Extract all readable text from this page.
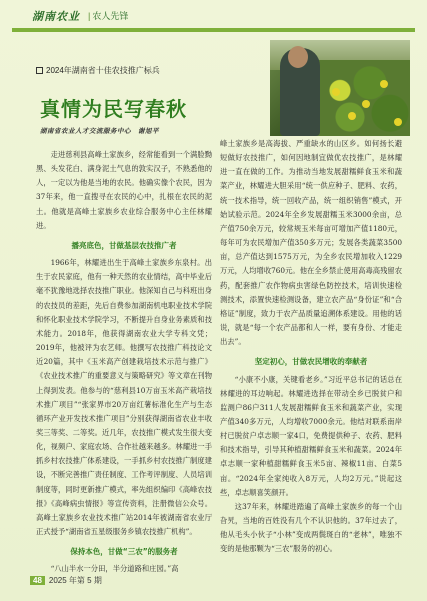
湖南农业 | 农人先锋
2024年湖南省十佳农技推广标兵
真情为民写春秋
湖南省农业人才交流服务中心　谢旭平

走进慈利县高峰土家族乡，经常能看到一个满脸黝黑、头发花白、满身泥土气息的敦实汉子，不熟悉他的人，一定以为他是当地的农民。他确实像个农民，因为37年来，他一直搜寻在农民的心中，扎根在农民的泥土。他就是高峰土家族乡农业综合服务中心主任林耀进。

播亮底色，甘做基层农技推广者

1966年，林耀进出生于高峰土家族乡东泉村。出生于农民家庭，他有一种天然的农业情结，高中毕业后毫不犹豫地选择农技推广职业。他深知自己与科班出身的农技员的差距，先后自费参加湖南机电职业技术学院和怀化职业技术学院学习，不断提升自身业务素质和技术能力。2018年，他获得湖南农业大学专科文凭；2019年，他被评为农艺师。他撰写农技推广科技论文近20篇，其中《玉米高产创建栽培技术示范与推广》《农业技术推广的重要意义与策略研究》等文章在刊物上得到发表。他参与的“慈利县10万亩玉米高产栽培技术推广项目”“张家界市20万亩红薯标准化生产与生态循环产业开发技术推广项目”分别获得湖南省农业丰收奖三等奖、二等奖。近几年，农技推广模式发生很大变化，视频户、家庭农场、合作社越来越多。林耀进一手抓乡村农技推广体系建设，一手抓乡村农技推广制度建设，不断完善推广责任制度、工作考评制度、人员培训制度等，同时更新推广模式，率先组织编印《高峰农技报》《高峰病虫情报》等宣传资料，注册微信公众号。高峰土家族乡农业技术推广站2014年被湖南省农业厅正式授予“湖南省五星级服务乡镇农技推广机构”。

保持本色，甘做“三农”的服务者

“八山半水一分田，半分道路和庄园。”高

峰土家族乡是高海拔、严重缺水的山区乡。如何扬长避短做好农技推广，如何因地制宜做优农技推广，是林耀进一直在做的工作。为推动当地发展甜糯鲜食玉米和蔬菜产业，林耀进大胆采用“统一供应种子、肥料、农药，统一技术指导，统一回收产品，统一组织销售”模式，开始试验示范。2024年全乡发展甜糯玉米3000余亩，总产值750余万元，较常规玉米每亩可增加产值1180元，每年可为农民增加产值350多万元；发展各类蔬菜3500亩，总产值达到1575万元，为全乡农民增加收入1229万元，人均增收760元。他在全乡禁止使用高毒高残留农药，配套推广农作物病虫害绿色防控技术，培训快速检测技术，添置快速检测设备，建立农产品“身份证”和“合格证”制度，致力于农产品质量追溯体系建设。用他的话说，就是“每一个农产品都和人一样，要有身份、才能走出去”。

坚定初心，甘做农民增收的奉献者

“小康不小康，关键看老乡。”习近平总书记的话总在林耀进的耳边响起。林耀进选择在带动全乡已脱贫户和监测户86户311人发展甜糯鲜食玉米和蔬菜产业，实现产值340多万元，人均增收7000余元。他结对联系南岸村已脱贫户卓志顺一家4口，免费提供种子、农药、肥料和技术指导，引导其种植甜糯鲜食玉米和蔬菜。2024年卓志顺一家种植甜糯鲜食玉米5亩、辣椒11亩、白菜5亩。“2024年全家纯收入8万元，人均2万元。”说起这些，卓志顺喜笑颜开。

这37年来，林耀进踏遍了高峰土家族乡的每一个山旮旯，当地的百姓没有几个不认识他的。37年过去了，他从毛头小伙子“小林”变成两鬓斑白的“老林”，唯独不变的是他那颗为“三农”服务的初心。

48 2025 年第 5 期
